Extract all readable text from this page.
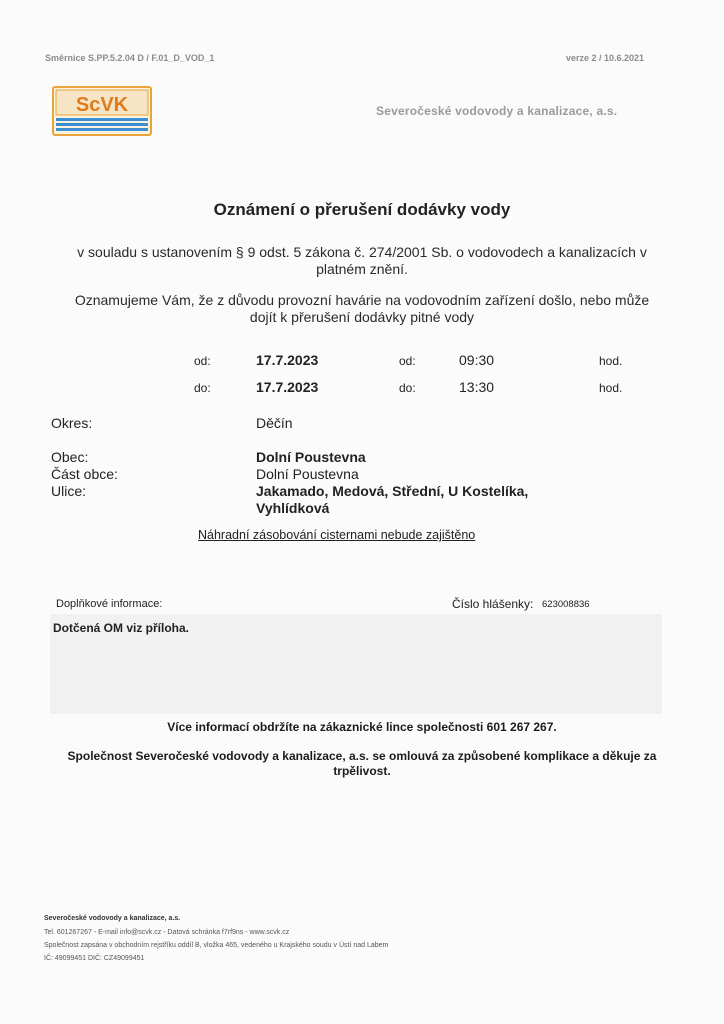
Směrnice S.PP.5.2.04 D / F.01_D_VOD_1	verze 2 / 10.6.2021
ScVK	Severočeské vodovody a kanalizace, a.s.
Oznámení o přerušení dodávky vody
v souladu s ustanovením § 9 odst. 5 zákona č. 274/2001 Sb. o vodovodech a kanalizacích v platném znění.
Oznamujeme Vám, že z důvodu provozní havárie na vodovodním zařízení došlo, nebo může dojít k přerušení dodávky pitné vody
od:	17.7.2023	od:	09:30	hod.
do:	17.7.2023	do:	13:30	hod.
Okres:	Děčín
Obec:	Dolní Poustevna
Část obce:	Dolní Poustevna
Ulice:	Jakamado, Medová, Střední, U Kostelíka,
Vyhlídková
Náhradní zásobování cisternami nebude zajištěno
Doplňkové informace:	Číslo hlášenky: 623008836
Dotčená OM viz příloha.
Více informací obdržíte na zákaznické lince společnosti 601 267 267.
Společnost Severočeské vodovody a kanalizace, a.s. se omlouvá za způsobené komplikace a děkuje za trpělivost.
Severočeské vodovody a kanalizace, a.s.
Tel. 601267267 - E-mail info@scvk.cz - Datová schránka f7rf9ns - www.scvk.cz
Společnost zapsána v obchodním rejstříku oddíl B, vložka 465, vedeného u Krajského soudu v Ústí nad Labem
IČ: 49099451 DIČ: CZ49099451
